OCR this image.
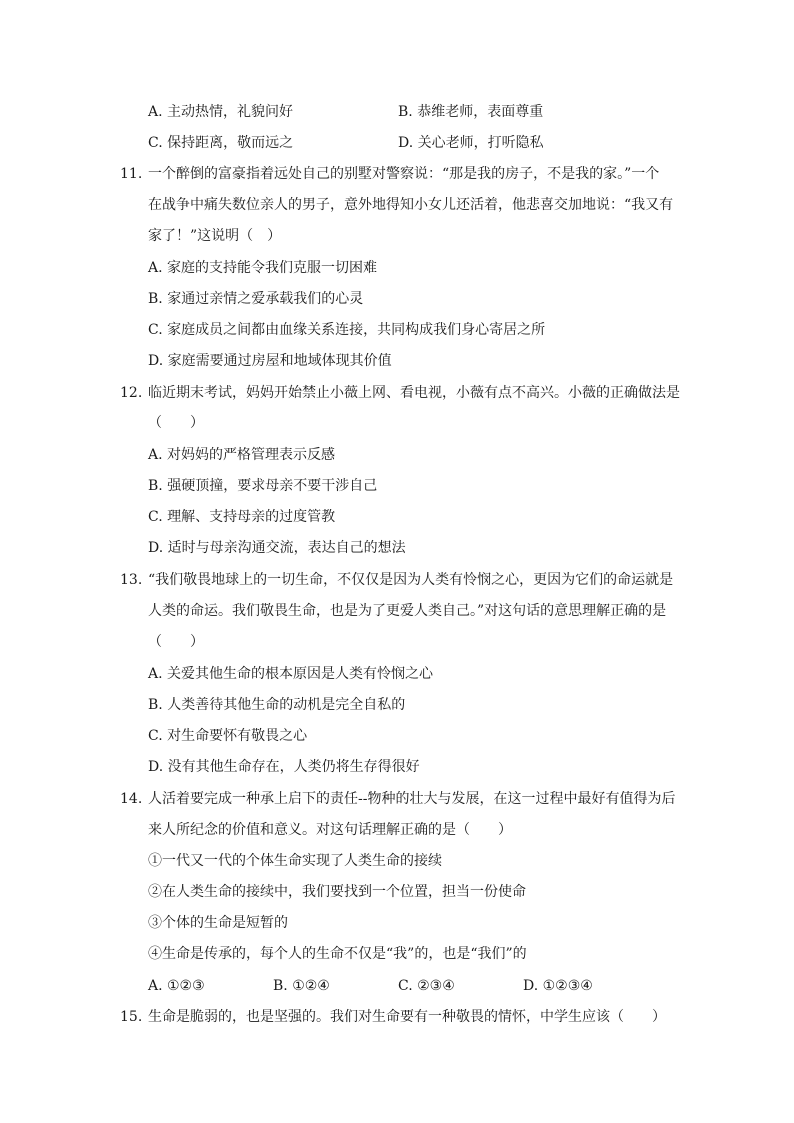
A. 主动热情，礼貌问好	B. 恭维老师，表面尊重
C. 保持距离，敬而远之	D. 关心老师，打听隐私
11. 一个醉倒的富豪指着远处自己的别墅对警察说：“那是我的房子，不是我的家。”一个
在战争中痛失数位亲人的男子，意外地得知小女儿还活着，他悲喜交加地说：“我又有
家了！”这说明（　）
A. 家庭的支持能令我们克服一切困难
B. 家通过亲情之爱承载我们的心灵
C. 家庭成员之间都由血缘关系连接，共同构成我们身心寄居之所
D. 家庭需要通过房屋和地域体现其价值
12. 临近期末考试，妈妈开始禁止小薇上网、看电视，小薇有点不高兴。小薇的正确做法是
（　　）
A. 对妈妈的严格管理表示反感
B. 强硬顶撞，要求母亲不要干涉自己
C. 理解、支持母亲的过度管教
D. 适时与母亲沟通交流，表达自己的想法
13. “我们敬畏地球上的一切生命，不仅仅是因为人类有怜悯之心，更因为它们的命运就是
人类的命运。我们敬畏生命，也是为了更爱人类自己。”对这句话的意思理解正确的是
（　　）
A. 关爱其他生命的根本原因是人类有怜悯之心
B. 人类善待其他生命的动机是完全自私的
C. 对生命要怀有敬畏之心
D. 没有其他生命存在，人类仍将生存得很好
14. 人活着要完成一种承上启下的责任--物种的壮大与发展，在这一过程中最好有值得为后
来人所纪念的价值和意义。对这句话理解正确的是（　　）
①一代又一代的个体生命实现了人类生命的接续
②在人类生命的接续中，我们要找到一个位置，担当一份使命
③个体的生命是短暂的
④生命是传承的，每个人的生命不仅是“我”的，也是“我们”的
A. ①②③	B. ①②④	C. ②③④	D. ①②③④
15. 生命是脆弱的，也是坚强的。我们对生命要有一种敬畏的情怀，中学生应该（　　）
